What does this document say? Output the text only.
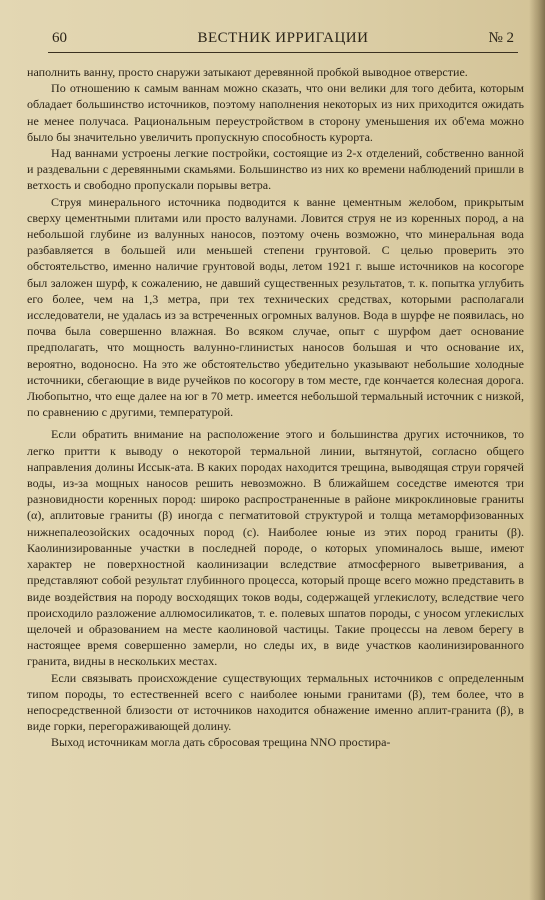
60	ВЕСТНИК ИРРИГАЦИИ	№ 2

наполнить ванну, просто снаружи затыкают деревянной пробкой выводное отверстие.

По отношению к самым ваннам можно сказать, что они велики для того дебита, которым обладает большинство источников, поэтому наполнения некоторых из них приходится ожидать не менее получаса. Рациональным переустройством в сторону уменьшения их об'ема можно было бы значительно увеличить пропускную способность курорта.

Над ваннами устроены легкие постройки, состоящие из 2-х отделений, собственно ванной и раздевальни с деревянными скамьями. Большинство из них ко времени наблюдений пришли в ветхость и свободно пропускали порывы ветра.

Струя минерального источника подводится к ванне цементным желобом, прикрытым сверху цементными плитами или просто валунами. Ловится струя не из коренных пород, а на небольшой глубине из валунных наносов, поэтому очень возможно, что минеральная вода разбавляется в большей или меньшей степени грунтовой. С целью проверить это обстоятельство, именно наличие грунтовой воды, летом 1921 г. выше источников на косогоре был заложен шурф, к сожалению, не давший существенных результатов, т. к. попытка углубить его более, чем на 1,3 метра, при тех технических средствах, которыми располагали исследователи, не удалась из за встреченных огромных валунов. Вода в шурфе не появилась, но почва была совершенно влажная. Во всяком случае, опыт с шурфом дает основание предполагать, что мощность валунно-глинистых наносов большая и что основание их, вероятно, водоносно. На это же обстоятельство убедительно указывают небольшие холодные источники, сбегающие в виде ручейков по косогору в том месте, где кончается колесная дорога. Любопытно, что еще далее на юг в 70 метр. имеется небольшой термальный источник с низкой, по сравнению с другими, температурой.

Если обратить внимание на расположение этого и большинства других источников, то легко притти к выводу о некоторой термальной линии, вытянутой, согласно общего направления долины Иссык-ата. В каких породах находится трещина, выводящая струи горячей воды, из-за мощных наносов решить невозможно. В ближайшем соседстве имеются три разновидности коренных пород: широко распространенные в районе микроклиновые граниты (α), аплитовые граниты (β) иногда с пегматитовой структурой и толща метаморфизованных нижнепалеозойских осадочных пород (с). Наиболее юные из этих пород граниты (β). Каолинизированные участки в последней породе, о которых упоминалось выше, имеют характер не поверхностной каолинизации вследствие атмосферного выветривания, а представляют собой результат глубинного процесса, который проще всего можно представить в виде воздействия на породу восходящих токов воды, содержащей углекислоту, вследствие чего происходило разложение аллюмосиликатов, т. е. полевых шпатов породы, с уносом углекислых щелочей и образованием на месте каолиновой частицы. Такие процессы на левом берегу в настоящее время совершенно замерли, но следы их, в виде участков каолинизированного гранита, видны в нескольких местах.

Если связывать происхождение существующих термальных источников с определенным типом породы, то естественней всего с наиболее юными гранитами (β), тем более, что в непосредственной близости от источников находится обнажение именно аплит-гранита (β), в виде горки, перегораживающей долину.

Выход источникам могла дать сбросовая трещина NNO простира-
